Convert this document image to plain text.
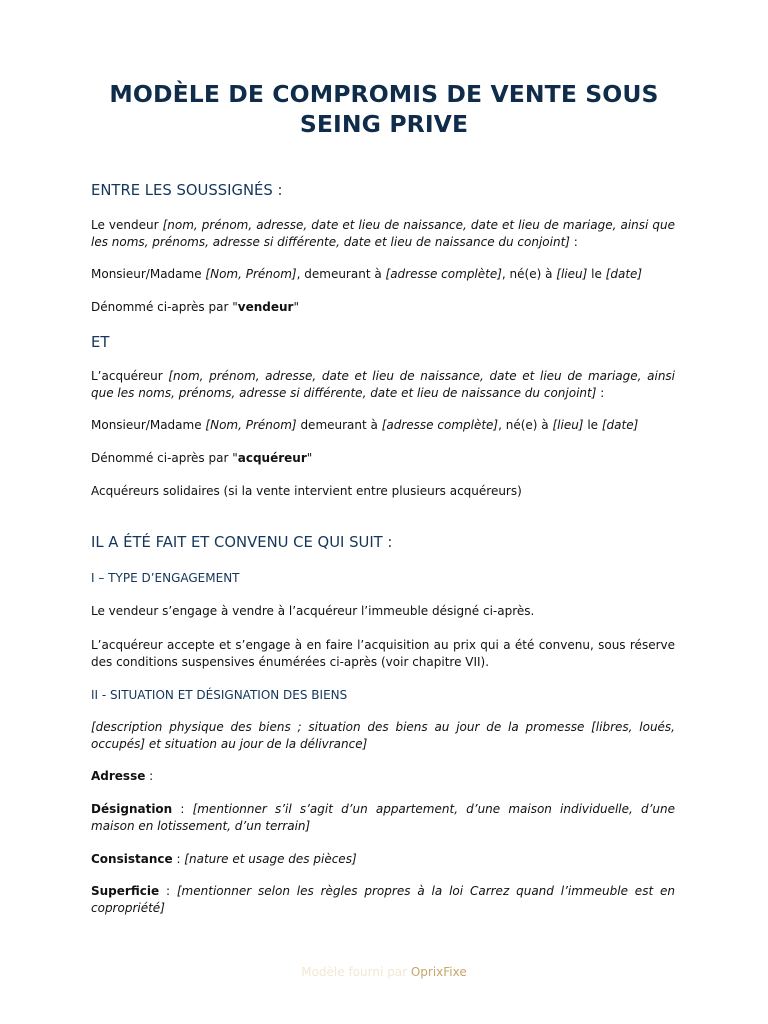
MODÈLE DE COMPROMIS DE VENTE SOUS
SEING PRIVE
ENTRE LES SOUSSIGNÉS :

Le vendeur [nom, prénom, adresse, date et lieu de naissance, date et lieu de mariage, ainsi que les noms, prénoms, adresse si différente, date et lieu de naissance du conjoint] :

Monsieur/Madame [Nom, Prénom], demeurant à [adresse complète], né(e) à [lieu] le [date]

Dénommé ci-après par "vendeur"

ET

L’acquéreur [nom, prénom, adresse, date et lieu de naissance, date et lieu de mariage, ainsi que les noms, prénoms, adresse si différente, date et lieu de naissance du conjoint] :

Monsieur/Madame [Nom, Prénom] demeurant à [adresse complète], né(e) à [lieu] le [date]

Dénommé ci-après par "acquéreur"

Acquéreurs solidaires (si la vente intervient entre plusieurs acquéreurs)

IL A ÉTÉ FAIT ET CONVENU CE QUI SUIT :
I – TYPE D’ENGAGEMENT

Le vendeur s’engage à vendre à l’acquéreur l’immeuble désigné ci-après.

L’acquéreur accepte et s’engage à en faire l’acquisition au prix qui a été convenu, sous réserve des conditions suspensives énumérées ci-après (voir chapitre VII).

II - SITUATION ET DÉSIGNATION DES BIENS

[description physique des biens ; situation des biens au jour de la promesse [libres, loués, occupés] et situation au jour de la délivrance]

Adresse :

Désignation : [mentionner s’il s’agit d’un appartement, d’une maison individuelle, d’une maison en lotissement, d’un terrain]

Consistance : [nature et usage des pièces]

Superficie : [mentionner selon les règles propres à la loi Carrez quand l’immeuble est en copropriété]

Modèle fourni par OprixFixe
